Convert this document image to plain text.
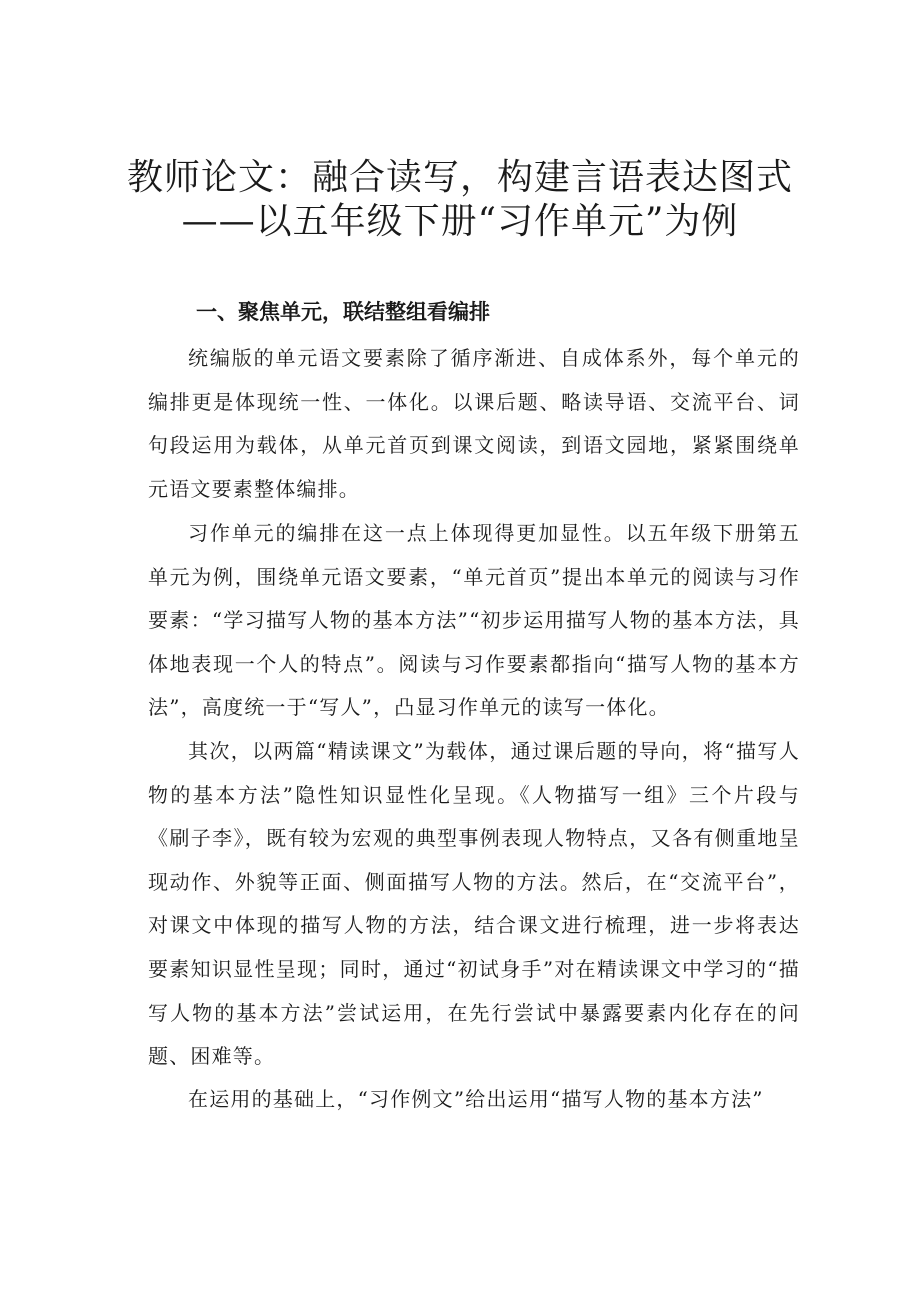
教师论文：融合读写，构建言语表达图式
——以五年级下册“习作单元”为例
一、聚焦单元，联结整组看编排

统编版的单元语文要素除了循序渐进、自成体系外，每个单元的编排更是体现统一性、一体化。以课后题、略读导语、交流平台、词句段运用为载体，从单元首页到课文阅读，到语文园地，紧紧围绕单元语文要素整体编排。

习作单元的编排在这一点上体现得更加显性。以五年级下册第五单元为例，围绕单元语文要素，“单元首页”提出本单元的阅读与习作要素：“学习描写人物的基本方法”“初步运用描写人物的基本方法，具体地表现一个人的特点”。阅读与习作要素都指向“描写人物的基本方法”，高度统一于“写人”，凸显习作单元的读写一体化。

其次，以两篇“精读课文”为载体，通过课后题的导向，将“描写人物的基本方法”隐性知识显性化呈现。《人物描写一组》三个片段与《刷子李》，既有较为宏观的典型事例表现人物特点，又各有侧重地呈现动作、外貌等正面、侧面描写人物的方法。然后，在“交流平台”，对课文中体现的描写人物的方法，结合课文进行梳理，进一步将表达要素知识显性呈现；同时，通过“初试身手”对在精读课文中学习的“描写人物的基本方法”尝试运用，在先行尝试中暴露要素内化存在的问题、困难等。

在运用的基础上，“习作例文”给出运用“描写人物的基本方法”
